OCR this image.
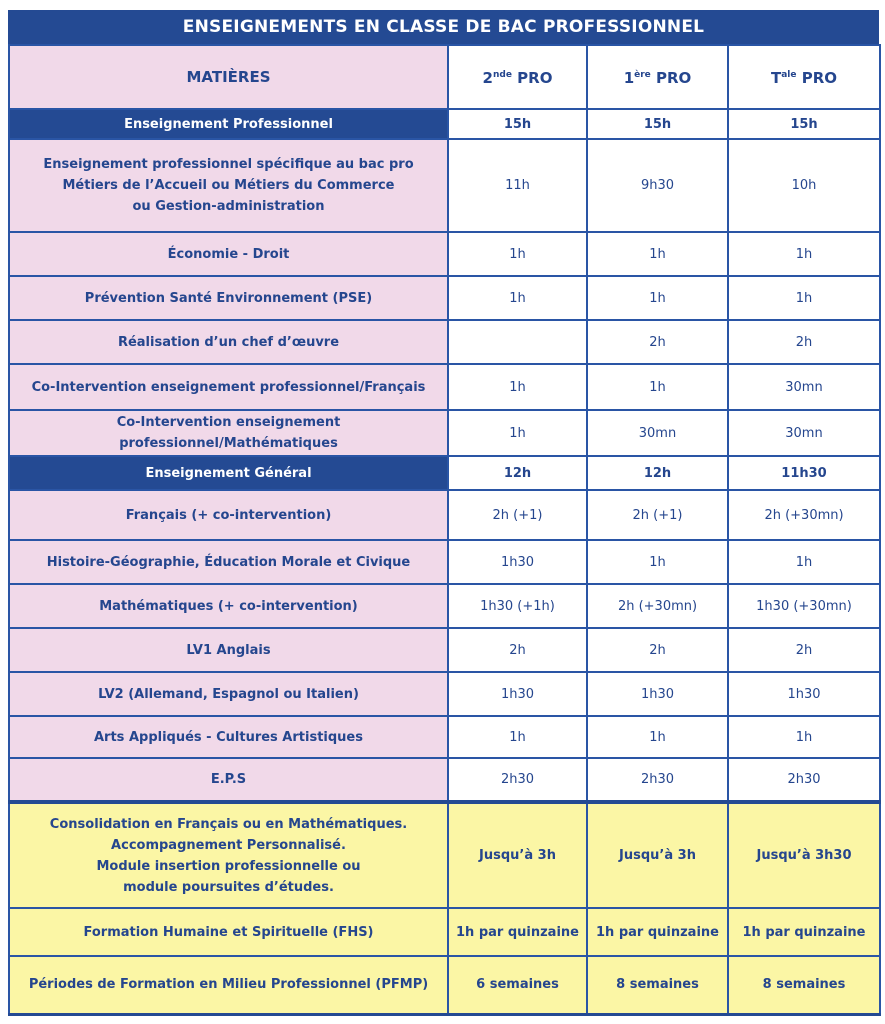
ENSEIGNEMENTS EN CLASSE DE BAC PROFESSIONNEL
MATIÈRES	2nde PRO	1ère PRO	$T^{ale}$ PRO

Enseignement Professionnel	15h	15h	15h

Enseignement professionnel spécifique au bac pro
Métiers de l’Accueil ou Métiers du Commerce
ou Gestion-administration	11h	9h30	10h

Économie - Droit	1h	1h	1h

Prévention Santé Environnement (PSE)	1h	1h	1h

Réalisation d’un chef d’œuvre		2h	2h

Co-Intervention enseignement professionnel/Français	1h	1h	30mn

Co-Intervention enseignement professionnel/Mathématiques	1h	30mn	30mn

Enseignement Général	12h	12h	11h30

Français (+ co-intervention)	2h (+1)	2h (+1)	2h (+30mn)

Histoire-Géographie, Éducation Morale et Civique	1h30	1h	1h

Mathématiques (+ co-intervention)	1h30 (+1h)	2h (+30mn)	1h30 (+30mn)

LV1 Anglais	2h	2h	2h

LV2 (Allemand, Espagnol ou Italien)	1h30	1h30	1h30

Arts Appliqués - Cultures Artistiques	1h	1h	1h

E.P.S	2h30	2h30	2h30

Consolidation en Français ou en Mathématiques.
Accompagnement Personnalisé.
Module insertion professionnelle ou
module poursuites d’études.	Jusqu’à 3h	Jusqu’à 3h	Jusqu’à 3h30

Formation Humaine et Spirituelle (FHS)	1h par quinzaine	1h par quinzaine	1h par quinzaine

Périodes de Formation en Milieu Professionnel (PFMP)	6 semaines	8 semaines	8 semaines
